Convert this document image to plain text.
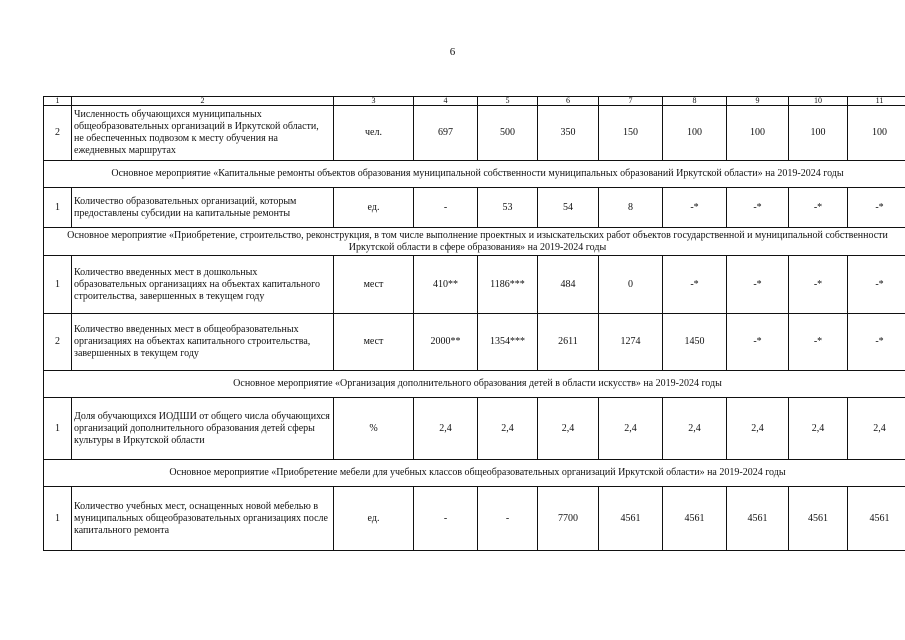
6
1	2	3	4	5	6	7	8	9	10	11
2	Численность обучающихся муниципальных общеобразовательных организаций в Иркутской области, не обеспеченных подвозом к месту обучения на ежедневных маршрутах	чел.	697	500	350	150	100	100	100	100
Основное мероприятие «Капитальные ремонты объектов образования муниципальной собственности муниципальных образований Иркутской области» на 2019-2024 годы										
1	Количество образовательных организаций, которым предоставлены субсидии на капитальные ремонты	ед.	-	53	54	8	-*	-*	-*	-*
Основное мероприятие «Приобретение, строительство, реконструкция, в том числе выполнение проектных и изыскательских работ объектов государственной и муниципальной собственности Иркутской области в сфере образования» на 2019-2024 годы										
1	Количество введенных мест в дошкольных образовательных организациях на объектах капитального строительства, завершенных в текущем году	мест	410**	1186***	484	0	-*	-*	-*	-*
2	Количество введенных мест в общеобразовательных организациях на объектах капитального строительства, завершенных в текущем году	мест	2000**	1354***	2611	1274	1450	-*	-*	-*
Основное мероприятие «Организация дополнительного образования детей в области искусств» на 2019-2024 годы										
1	Доля обучающихся ИОДШИ от общего числа обучающихся организаций дополнительного образования детей сферы культуры в Иркутской области	%	2,4	2,4	2,4	2,4	2,4	2,4	2,4	2,4
Основное мероприятие «Приобретение мебели для учебных классов общеобразовательных организаций Иркутской области» на 2019-2024 годы										
1	Количество учебных мест, оснащенных новой мебелью в муниципальных общеобразовательных организациях после капитального ремонта	ед.	-	-	7700	4561	4561	4561	4561	4561
